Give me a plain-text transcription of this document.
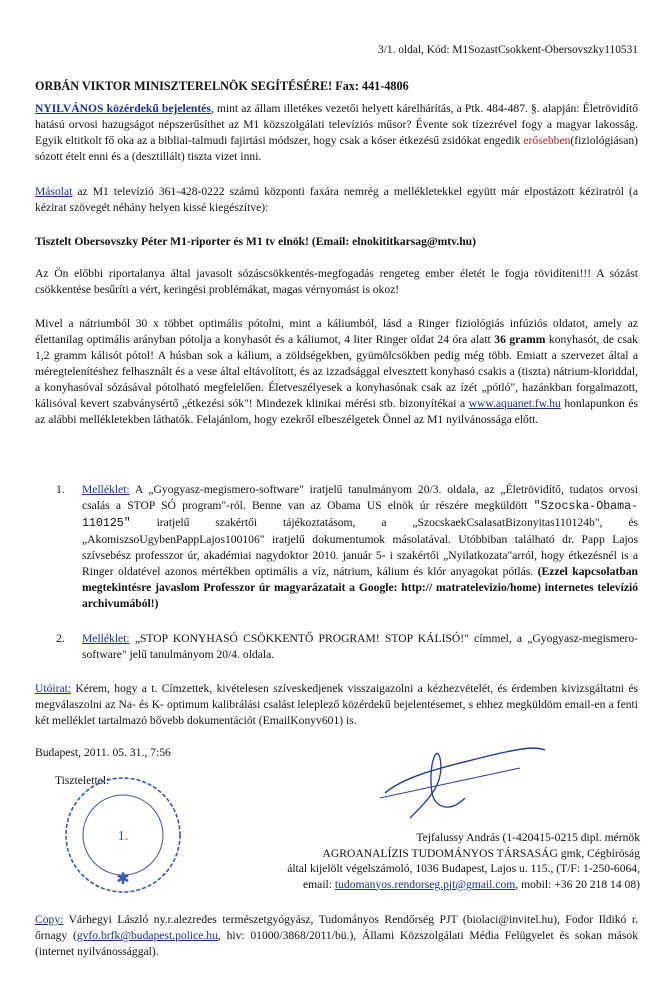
3/1. oldal, Kód: M1SozastCsokkent-Obersovszky110531
ORBÁN VIKTOR MINISZTERELNÖK SEGÍTÉSÉRE! Fax: 441-4806
NYILVÁNOS közérdekű bejelentés, mint az állam illetékes vezetői helyett kárelhárítás, a Ptk. 484-487. §. alapján: Életrövidítő hatású orvosi hazugságot népszerűsíthet az M1 közszolgálati televíziós műsor? Évente sok tízezrével fogy a magyar lakosság. Egyik eltitkolt fő oka az a bibliai-talmudi fajirtási módszer, hogy csak a kóser étkezésű zsidókat engedik erősebben(fiziológiásan) sózott ételt enni és a (desztillált) tiszta vizet inni.
Másolat az M1 televízió 361-428-0222 számú központi faxára nemrég a mellékletekkel együtt már elpostázott kéziratról (a kézirat szövegét néhány helyen kissé kiegészítve):
Tisztelt Obersovszky Péter M1-riporter és M1 tv elnök! (Email: elnokititkarsag@mtv.hu)
Az Ön előbbi riportalanya által javasolt sózáscsökkentés-megfogadás rengeteg ember életét le fogja rövidíteni!!! A sózást csökkentése besűríti a vért, keringési problémákat, magas vérnyomást is okoz!
Mivel a nátriumból 30 x többet optimális pótolni, mint a káliumból, lásd a Ringer fiziológiás infúziós oldatot, amely az élettanilag optimális arányban pótolja a konyhasót és a káliumot, 4 liter Ringer oldat 24 óra alatt 36 gramm konyhasót, de csak 1,2 gramm kálisót pótol! A húsban sok a kálium, a zöldségekben, gyümölcsökben pedig még több. Emiatt a szervezet által a méregtelenítéshez felhasznált és a vese által eltávolított, és az izzadsággal elvesztett konyhasó csakis a (tiszta) nátrium-kloriddal, a konyhasóval sózásával pótolható megfelelően. Életveszélyesek a konyhasónak csak az ízét „pótló", hazánkban forgalmazott, kálisóval kevert szabványsértő „étkezési sók"! Mindezek klinikai mérési stb. bizonyítékai a www.aquanet.fw.hu honlapunkon és az alábbi mellékletekben láthatók. Felajánlom, hogy ezekről elbeszélgetek Önnel az M1 nyilvánossága előtt.
1. Melléklet: A „Gyogyasz-megismero-software" iratjelű tanulmányom 20/3. oldala, az „Életrövidítő, tudatos orvosi csalás a STOP SÓ program"-ról. Benne van az Obama US elnök úr részére megküldött "Szocska-Obama-110125" iratjelű szakértői tájékoztatásom, a „SzocskaekCsalasatBizonyitas110124b", és „AkomiszsoUgybenPappLajos100106" iratjelű dokumentumok másolatával. Utóbbiban található dr. Papp Lajos szívsebész professzor úr, akadémiai nagydoktor 2010. január 5- i szakértői „Nyilatkozata"arról, hogy étkezésnél is a Ringer oldatével azonos mértékben optimális a víz, nátrium, kálium és klór anyagokat pótlás. (Ezzel kapcsolatban megtekintésre javaslom Professzor úr magyarázatait a Google: http:// matratelevizio/home) internetes televízió archivumából!)
2. Melléklet: „STOP KONYHASÓ CSÖKKENTŐ PROGRAM! STOP KÁLISÓ!" címmel, a „Gyogyasz-megismero-software" jelű tanulmányom 20/4. oldala.
Utóirat: Kérem, hogy a t. Címzettek, kivételesen szíveskedjenek visszaigazolni a kézhezvételét, és érdemben kivizsgáltatni és megválaszolni az Na- és K- optimum kalibrálási csalást leleplező közérdekű bejelentésemet, s ehhez megküldöm email-en a fenti két melléklet tartalmazó bővebb dokumentációt (EmailKonyv601) is.
Budapest, 2011. 05. 31., 7:56
Tisztelettel:
1.
✱
Tejfalussy András (1-420415-0215 dipl. mérnök
AGROANALÍZIS TUDOMÁNYOS TÁRSASÁG gmk, Cégbíróság
által kijelölt végelszámoló, 1036 Budapest, Lajos u. 115., (T/F: 1-250-6064,
email: tudomanyos.rendorseg.pjt@gmail.com, mobil: +36 20 218 14 08)
Copy: Várhegyi László ny.r.alezredes természetgyógyász, Tudományos Rendőrség PJT (biolaci@invitel.hu), Fodor Ildikó r. őrnagy (gvfo.brfk@budapest.police.hu, hiv: 01000/3868/2011/bü.), Állami Közszolgálati Média Felügyelet és sokan mások (internet nyilvánossággal).
